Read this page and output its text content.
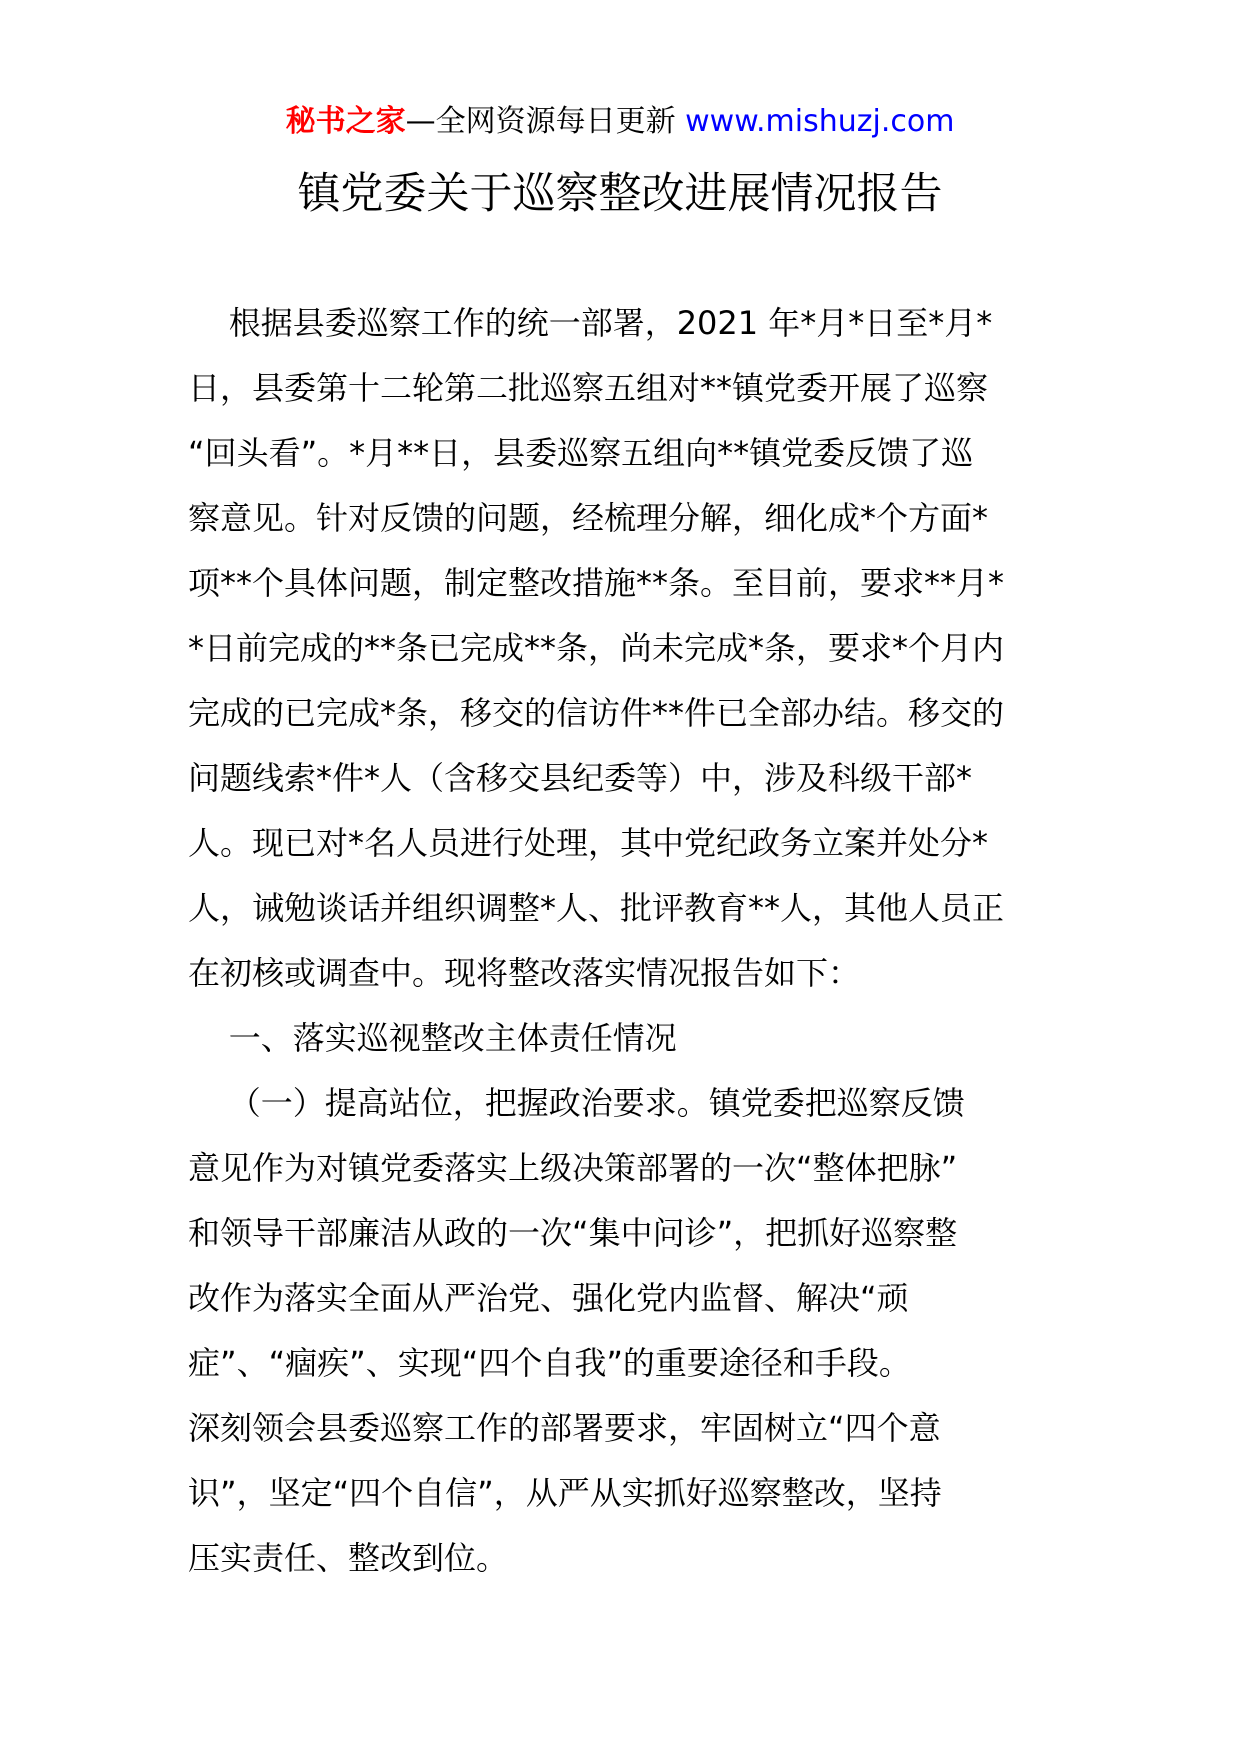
秘书之家—全网资源每日更新 www.mishuzj.com
镇党委关于巡察整改进展情况报告
根据县委巡察工作的统一部署，2021 年*月*日至*月*
日，县委第十二轮第二批巡察五组对**镇党委开展了巡察
“回头看”。*月**日，县委巡察五组向**镇党委反馈了巡
察意见。针对反馈的问题，经梳理分解，细化成*个方面*
项**个具体问题，制定整改措施**条。至目前，要求**月*
*日前完成的**条已完成**条，尚未完成*条，要求*个月内
完成的已完成*条，移交的信访件**件已全部办结。移交的
问题线索*件*人（含移交县纪委等）中，涉及科级干部*
人。现已对*名人员进行处理，其中党纪政务立案并处分*
人，诫勉谈话并组织调整*人、批评教育**人，其他人员正
在初核或调查中。现将整改落实情况报告如下：
一、落实巡视整改主体责任情况
（一）提高站位，把握政治要求。镇党委把巡察反馈
意见作为对镇党委落实上级决策部署的一次“整体把脉”
和领导干部廉洁从政的一次“集中问诊”，把抓好巡察整
改作为落实全面从严治党、强化党内监督、解决“顽
症”、“痼疾”、实现“四个自我”的重要途径和手段。
深刻领会县委巡察工作的部署要求，牢固树立“四个意
识”，坚定“四个自信”，从严从实抓好巡察整改，坚持
压实责任、整改到位。
